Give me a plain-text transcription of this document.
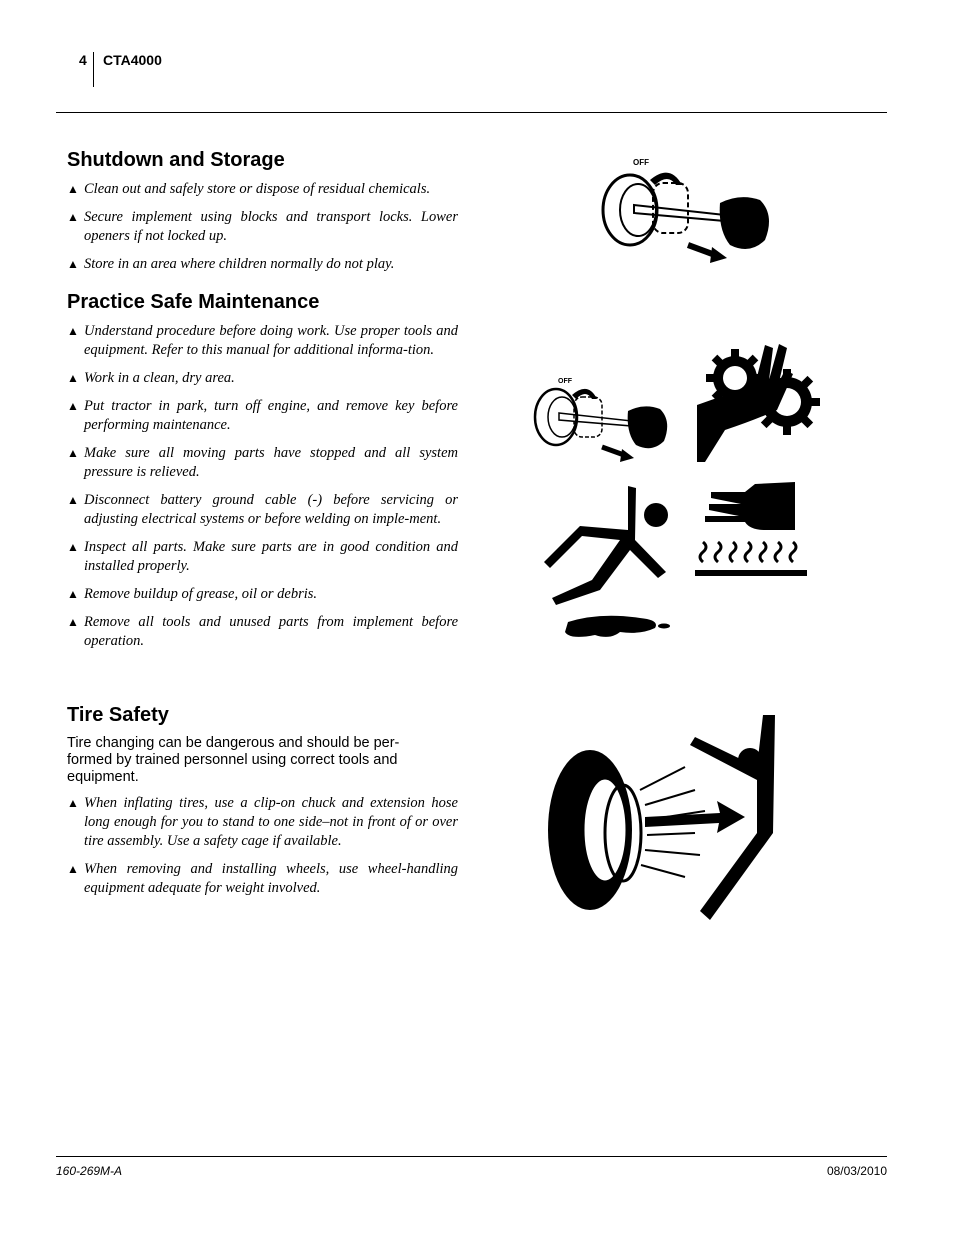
4 CTA4000
Shutdown and Storage
▲ Clean out and safely store or dispose of residual chemicals.
▲ Secure implement using blocks and transport locks. Lower openers if not locked up.
▲ Store in an area where children normally do not play.
Practice Safe Maintenance
▲ Understand procedure before doing work. Use proper tools and equipment. Refer to this manual for additional informa-tion.
▲ Work in a clean, dry area.
▲ Put tractor in park, turn off engine, and remove key before performing maintenance.
▲ Make sure all moving parts have stopped and all system pressure is relieved.
▲ Disconnect battery ground cable (-) before servicing or adjusting electrical systems or before welding on imple-ment.
▲ Inspect all parts. Make sure parts are in good condition and installed properly.
▲ Remove buildup of grease, oil or debris.
▲ Remove all tools and unused parts from implement before operation.
Tire Safety

Tire changing can be dangerous and should be per-formed by trained personnel using correct tools and equipment.

▲ When inflating tires, use a clip-on chuck and extension hose long enough for you to stand to one side–not in front of or over tire assembly. Use a safety cage if available.
▲ When removing and installing wheels, use wheel-handling equipment adequate for weight involved.
OFF
OFF
160-269M-A	08/03/2010
